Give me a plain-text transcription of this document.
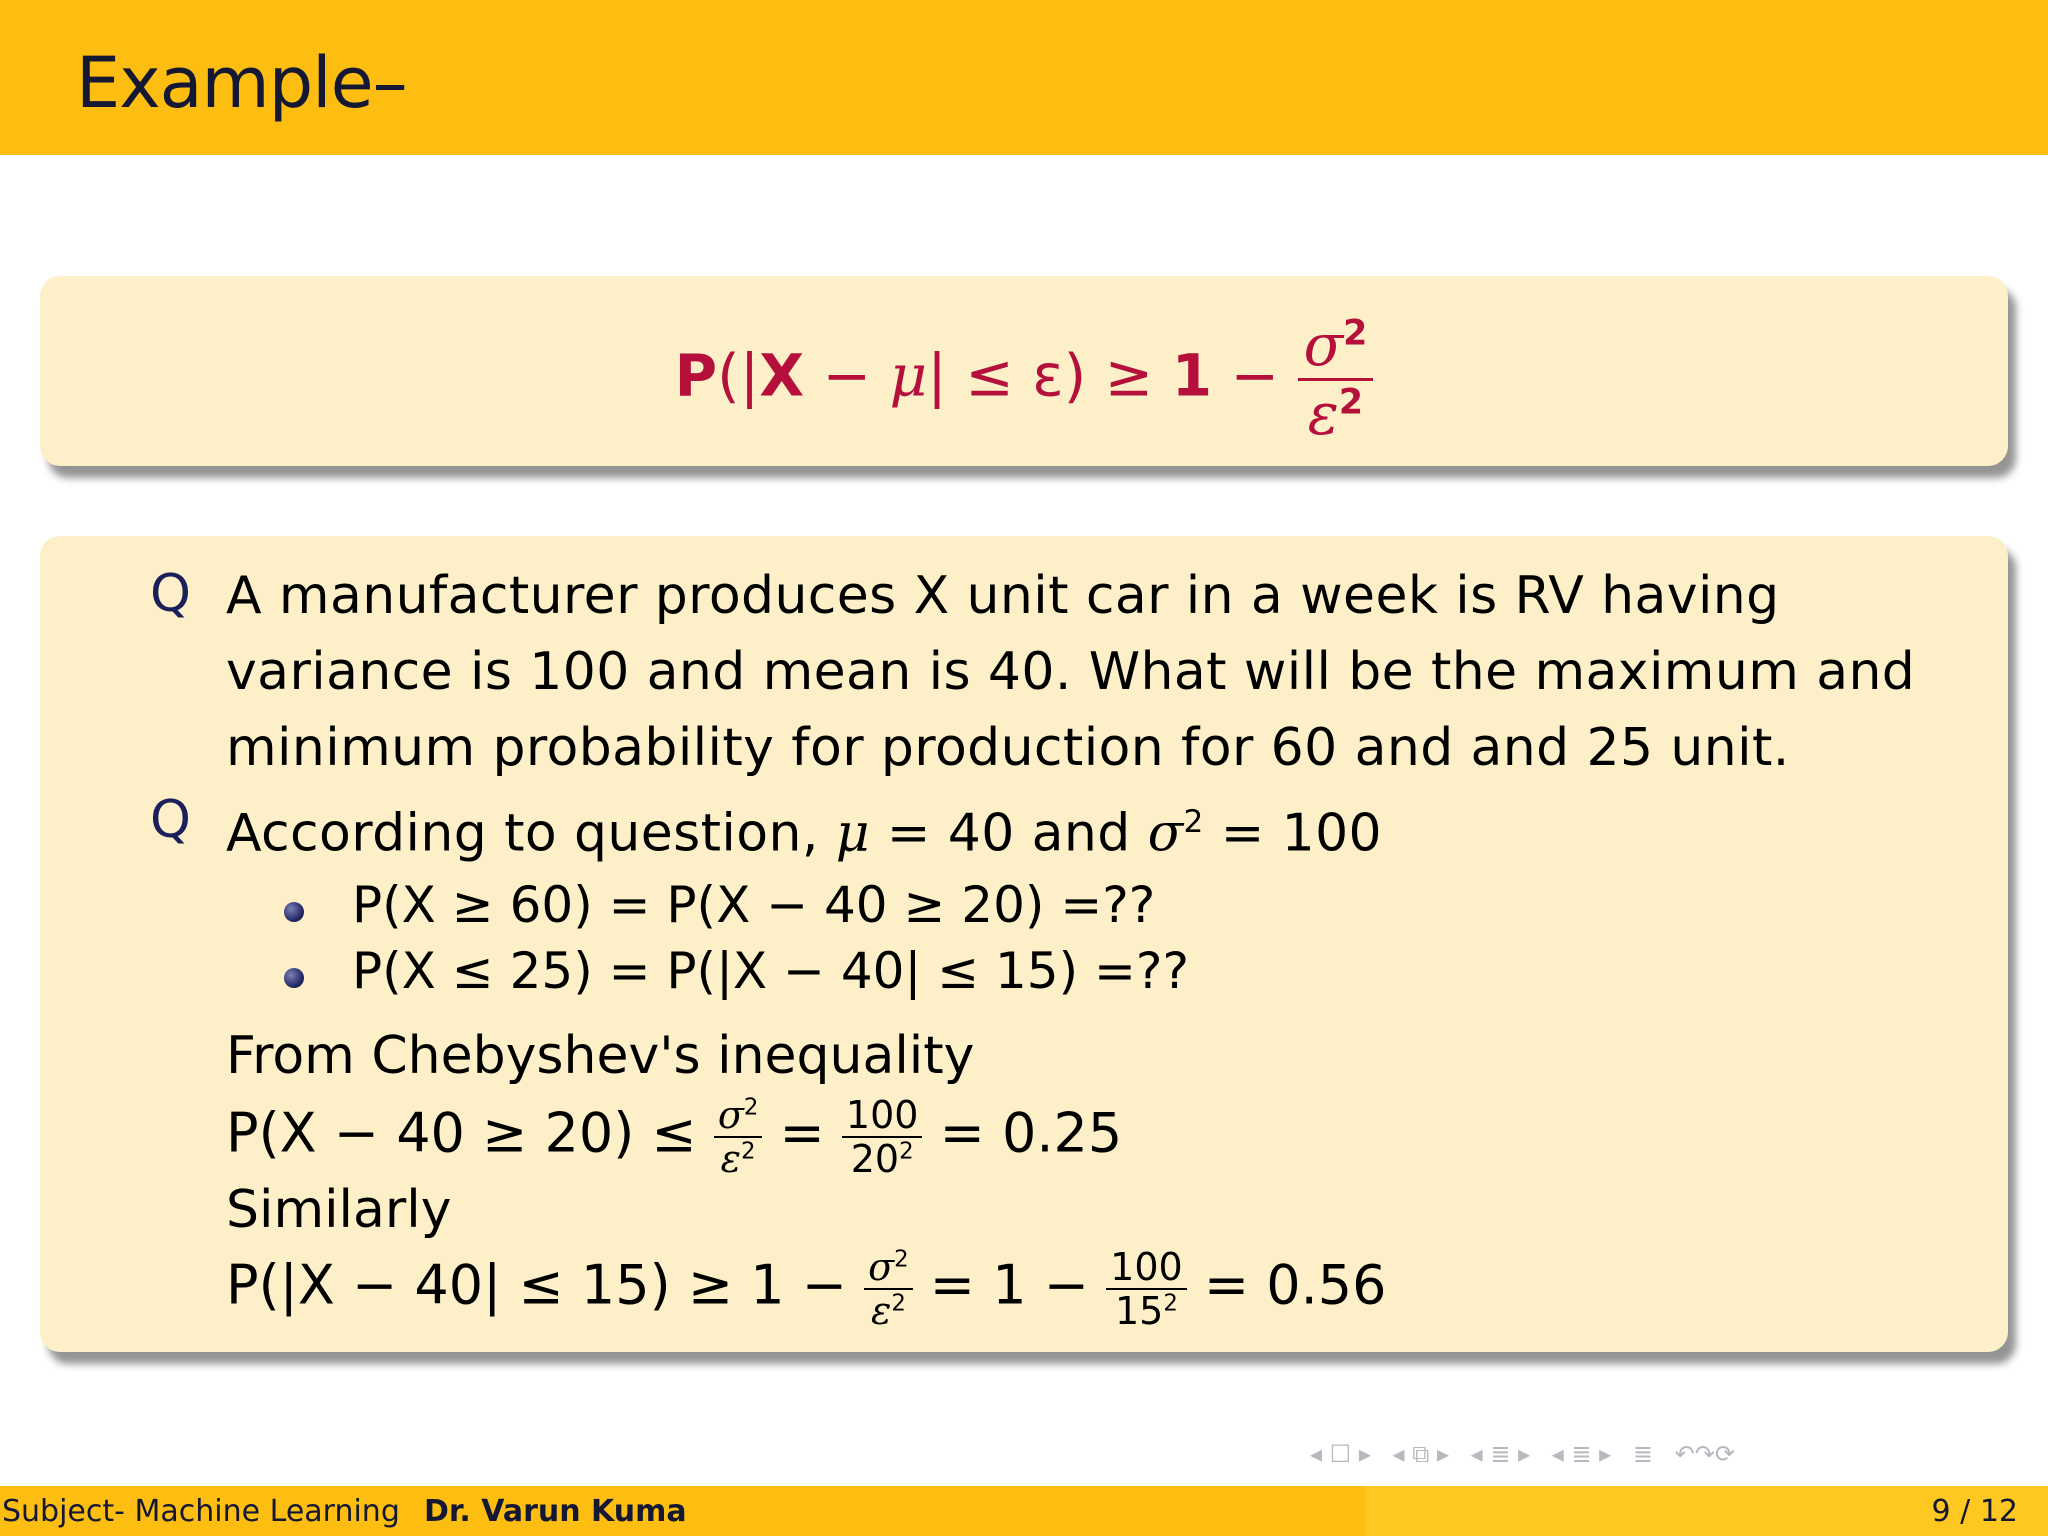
Example–
$P(|X - \mu| \le \varepsilon) \ge 1 - \frac{\sigma^2}{\varepsilon^2}$
Q A manufacturer produces X unit car in a week is RV having variance is 100 and mean is 40. What will be the maximum and minimum probability for production for 60 and and 25 unit.
Q According to question, μ = 40 and $\sigma^2 = 100$
P(X ≥ 60) = P(X − 40 ≥ 20) =??
P(X ≤ 25) = P(|X − 40| ≤ 15) =??
From Chebyshev's inequality
$P(X - 40 \ge 20) \le \frac{\sigma^2}{\varepsilon^2} = \frac{100}{20^2} = 0.25$
Similarly
$P(|X - 40| \le 15) \ge 1 - \frac{\sigma^2}{\varepsilon^2} = 1 - \frac{100}{15^2} = 0.56$
◂ ☐ ▸ ◂ ⧉ ▸ ◂ ≣ ▸ ◂ ≣ ▸ ≣ ↶↷⟳
Subject- Machine Learning Dr. Varun Kuma	9 / 12
